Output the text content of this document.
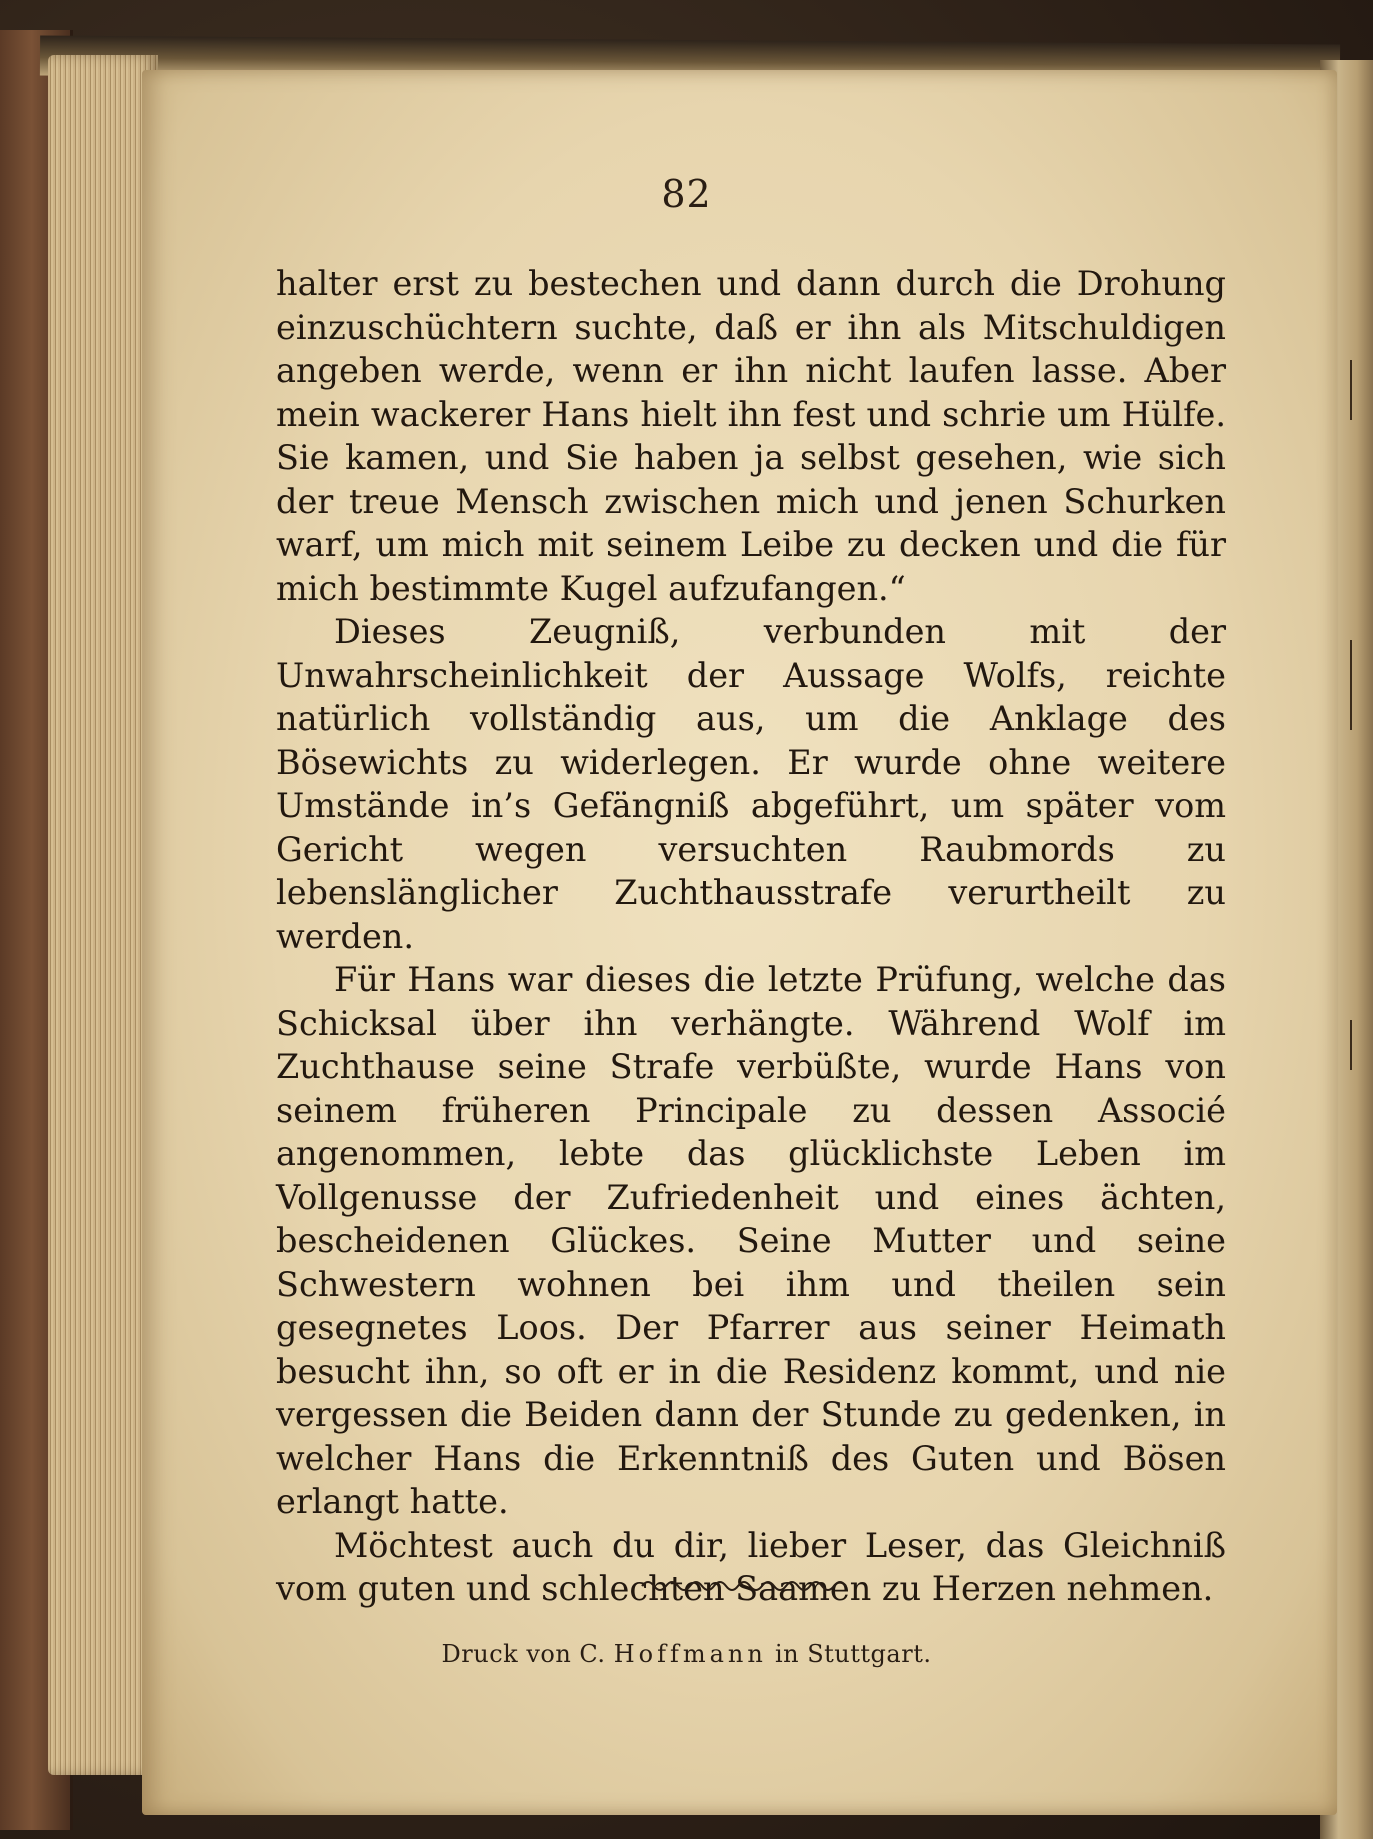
82

halter erst zu bestechen und dann durch die Drohung einzuschüchtern suchte, daß er ihn als Mitschuldigen angeben werde, wenn er ihn nicht laufen lasse. Aber mein wackerer Hans hielt ihn fest und schrie um Hülfe. Sie kamen, und Sie haben ja selbst gesehen, wie sich der treue Mensch zwischen mich und jenen Schurken warf, um mich mit seinem Leibe zu decken und die für mich bestimmte Kugel aufzufangen.“

Dieses Zeugniß, verbunden mit der Unwahrscheinlichkeit der Aussage Wolfs, reichte natürlich vollständig aus, um die Anklage des Bösewichts zu widerlegen. Er wurde ohne weitere Umstände in’s Gefängniß abgeführt, um später vom Gericht wegen versuchten Raubmords zu lebenslänglicher Zuchthausstrafe verurtheilt zu werden.

Für Hans war dieses die letzte Prüfung, welche das Schicksal über ihn verhängte. Während Wolf im Zuchthause seine Strafe verbüßte, wurde Hans von seinem früheren Principale zu dessen Associé angenommen, lebte das glücklichste Leben im Vollgenusse der Zufriedenheit und eines ächten, bescheidenen Glückes. Seine Mutter und seine Schwestern wohnen bei ihm und theilen sein gesegnetes Loos. Der Pfarrer aus seiner Heimath besucht ihn, so oft er in die Residenz kommt, und nie vergessen die Beiden dann der Stunde zu gedenken, in welcher Hans die Erkenntniß des Guten und Bösen erlangt hatte.

Möchtest auch du dir, lieber Leser, das Gleichniß vom guten und schlechten Saamen zu Herzen nehmen.

Druck von C. Hoffmann in Stuttgart.
